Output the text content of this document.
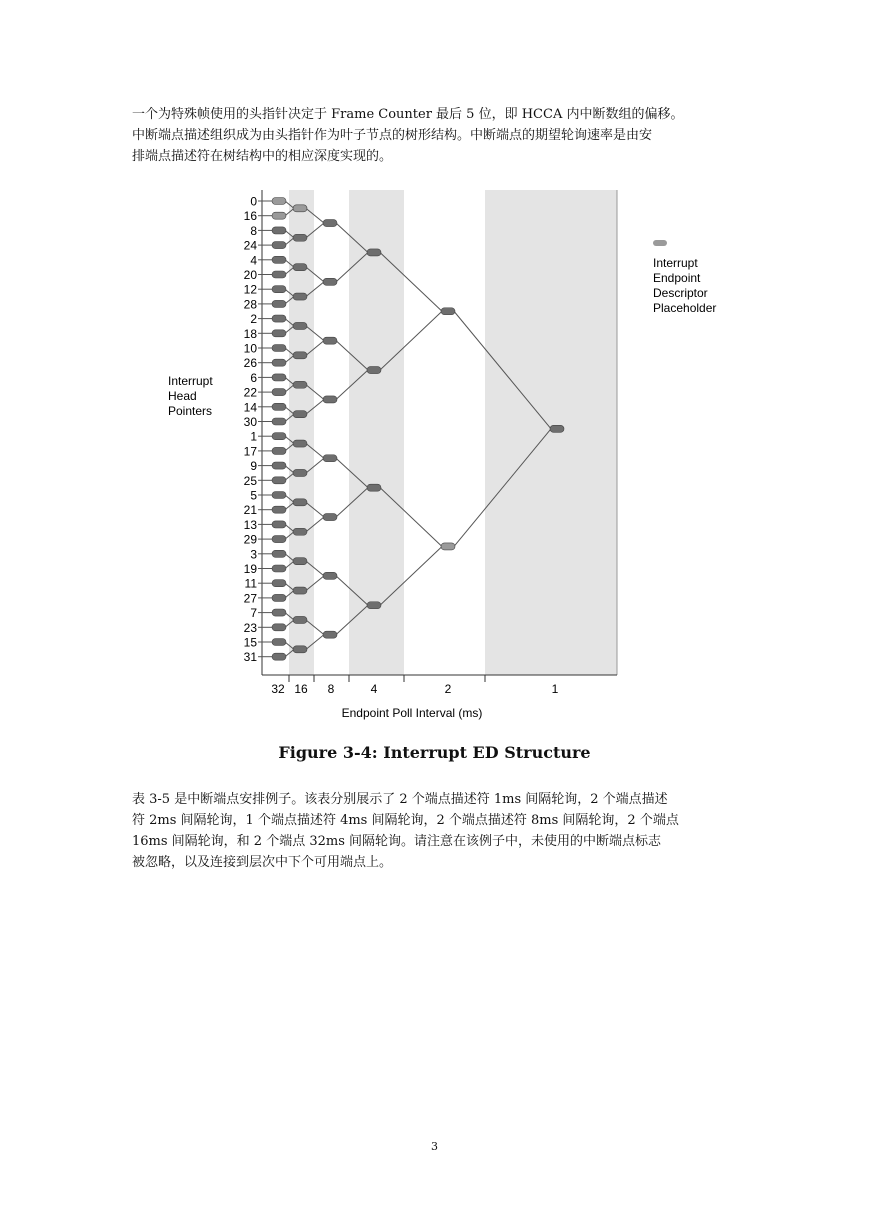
一个为特殊帧使用的头指针决定于 Frame Counter 最后 5 位，即 HCCA 内中断数组的偏移。
中断端点描述组织成为由头指针作为叶子节点的树形结构。中断端点的期望轮询速率是由安
排端点描述符在树结构中的相应深度实现的。
0
16
8
24
4
20
12
28
2
18
10
26
6
22
14
30
1
17
9
25
5
21
13
29
3
19
11
27
7
23
15
31
32 16 8	4	2	1
Interrupt
Head
Pointers
Interrupt
Endpoint
Descriptor
Placeholder
Endpoint Poll Interval (ms)
Figure 3-4: Interrupt ED Structure
表 3-5 是中断端点安排例子。该表分别展示了 2 个端点描述符 1ms 间隔轮询，2 个端点描述
符 2ms 间隔轮询，1 个端点描述符 4ms 间隔轮询，2 个端点描述符 8ms 间隔轮询，2 个端点
16ms 间隔轮询，和 2 个端点 32ms 间隔轮询。请注意在该例子中，未使用的中断端点标志
被忽略，以及连接到层次中下个可用端点上。
3
